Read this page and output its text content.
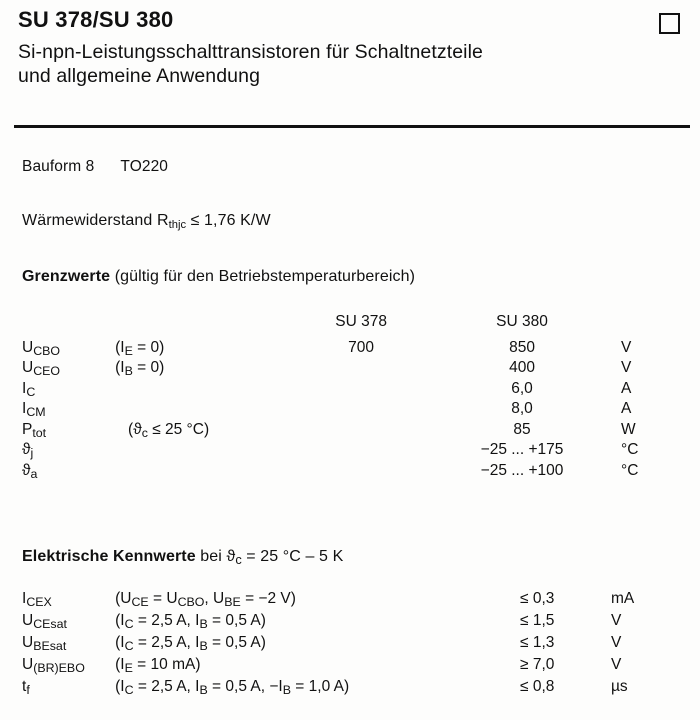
SU 378/SU 380
Si-npn-Leistungsschalttransistoren für Schaltnetzteile
und allgemeine Anwendung
Bauform 8 TO220
Wärmewiderstand $R_{thjc} \le 1,76$ K/W
Grenzwerte (gültig für den Betriebstemperaturbereich)
		SU 378	SU 380	

$U_{CBO}$	$(I_E = 0)$	700	850	V
$U_{CEO}$	$(I_B = 0)$		400	V
$I_C$			6,0	A
$I_{CM}$			8,0	A
$P_{tot}$	($ϑ_c \le 25$ °C)		85	W
$ϑ_j$			−25 ... +175	°C
$ϑ_a$			−25 ... +100	°C
Elektrische Kennwerte bei $ϑ_c = 25$ °C – 5 K
$I_{CEX}$	($U_{CE} = U_{CBO}$, $U_{BE} = -2$ V)	≤ 0,3	mA
$U_{CEsat}$	($I_C = 2,5$ A, $I_B = 0,5$ A)	≤ 1,5	V
$U_{BEsat}$	($I_C = 2,5$ A, $I_B = 0,5$ A)	≤ 1,3	V
$U_{(BR)EBO}$	($I_E = 10$ mA)	≥ 7,0	V
$t_f$	($I_C = 2,5$ A, $I_B = 0,5$ A, $-I_B = 1,0$ A)	≤ 0,8	µs
